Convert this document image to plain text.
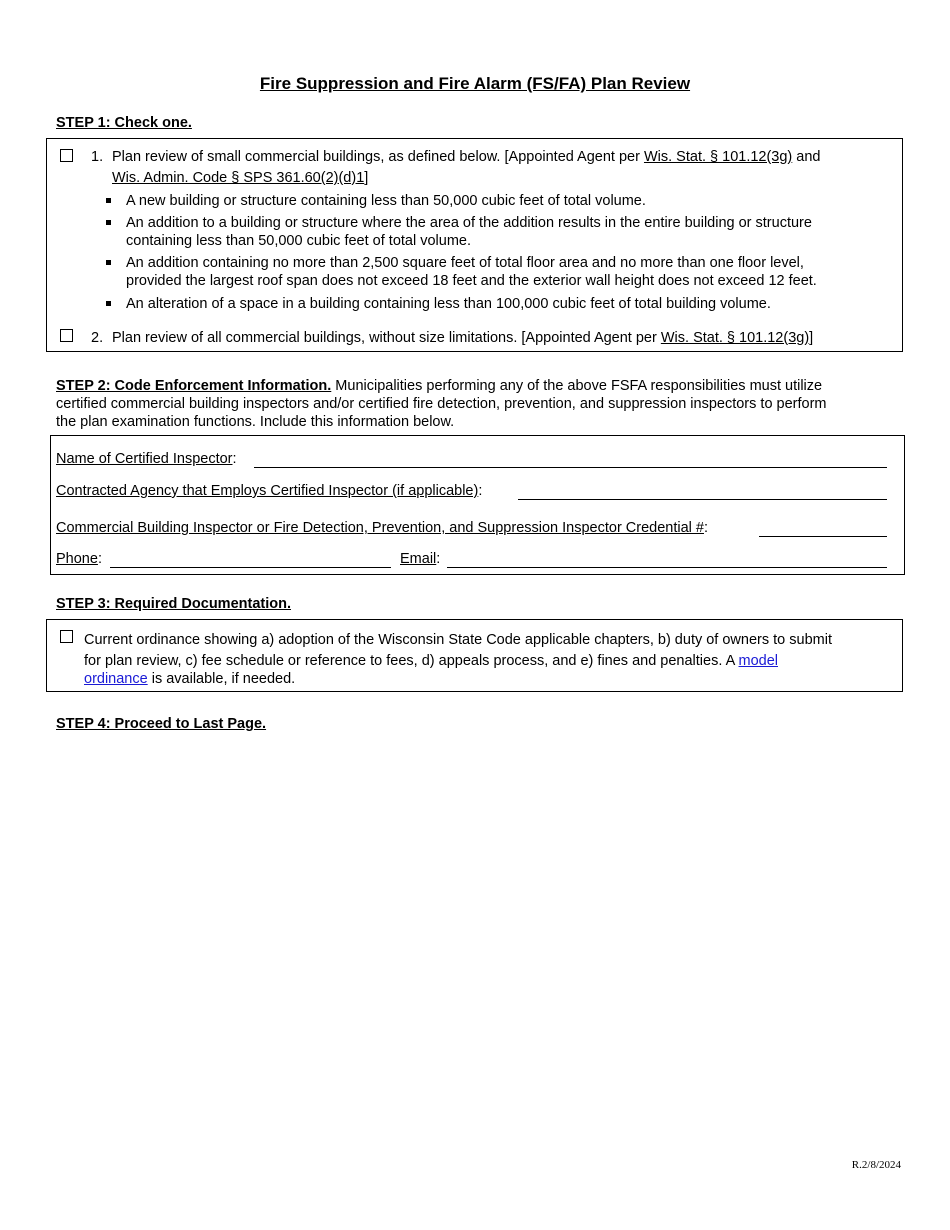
Fire Suppression and Fire Alarm (FS/FA) Plan Review
STEP 1: Check one.
1. Plan review of small commercial buildings, as defined below. [Appointed Agent per Wis. Stat. § 101.12(3g) and
Wis. Admin. Code § SPS 361.60(2)(d)1]
A new building or structure containing less than 50,000 cubic feet of total volume.
An addition to a building or structure where the area of the addition results in the entire building or structure
containing less than 50,000 cubic feet of total volume.
An addition containing no more than 2,500 square feet of total floor area and no more than one floor level,
provided the largest roof span does not exceed 18 feet and the exterior wall height does not exceed 12 feet.
An alteration of a space in a building containing less than 100,000 cubic feet of total building volume.
2. Plan review of all commercial buildings, without size limitations. [Appointed Agent per Wis. Stat. § 101.12(3g)]
STEP 2: Code Enforcement Information. Municipalities performing any of the above FSFA responsibilities must utilize
certified commercial building inspectors and/or certified fire detection, prevention, and suppression inspectors to perform
the plan examination functions. Include this information below.
Name of Certified Inspector:
Contracted Agency that Employs Certified Inspector (if applicable):
Commercial Building Inspector or Fire Detection, Prevention, and Suppression Inspector Credential #:
Phone:	Email:
STEP 3: Required Documentation.
Current ordinance showing a) adoption of the Wisconsin State Code applicable chapters, b) duty of owners to submit
for plan review, c) fee schedule or reference to fees, d) appeals process, and e) fines and penalties. A model
ordinance is available, if needed.
STEP 4: Proceed to Last Page.
R.2/8/2024
